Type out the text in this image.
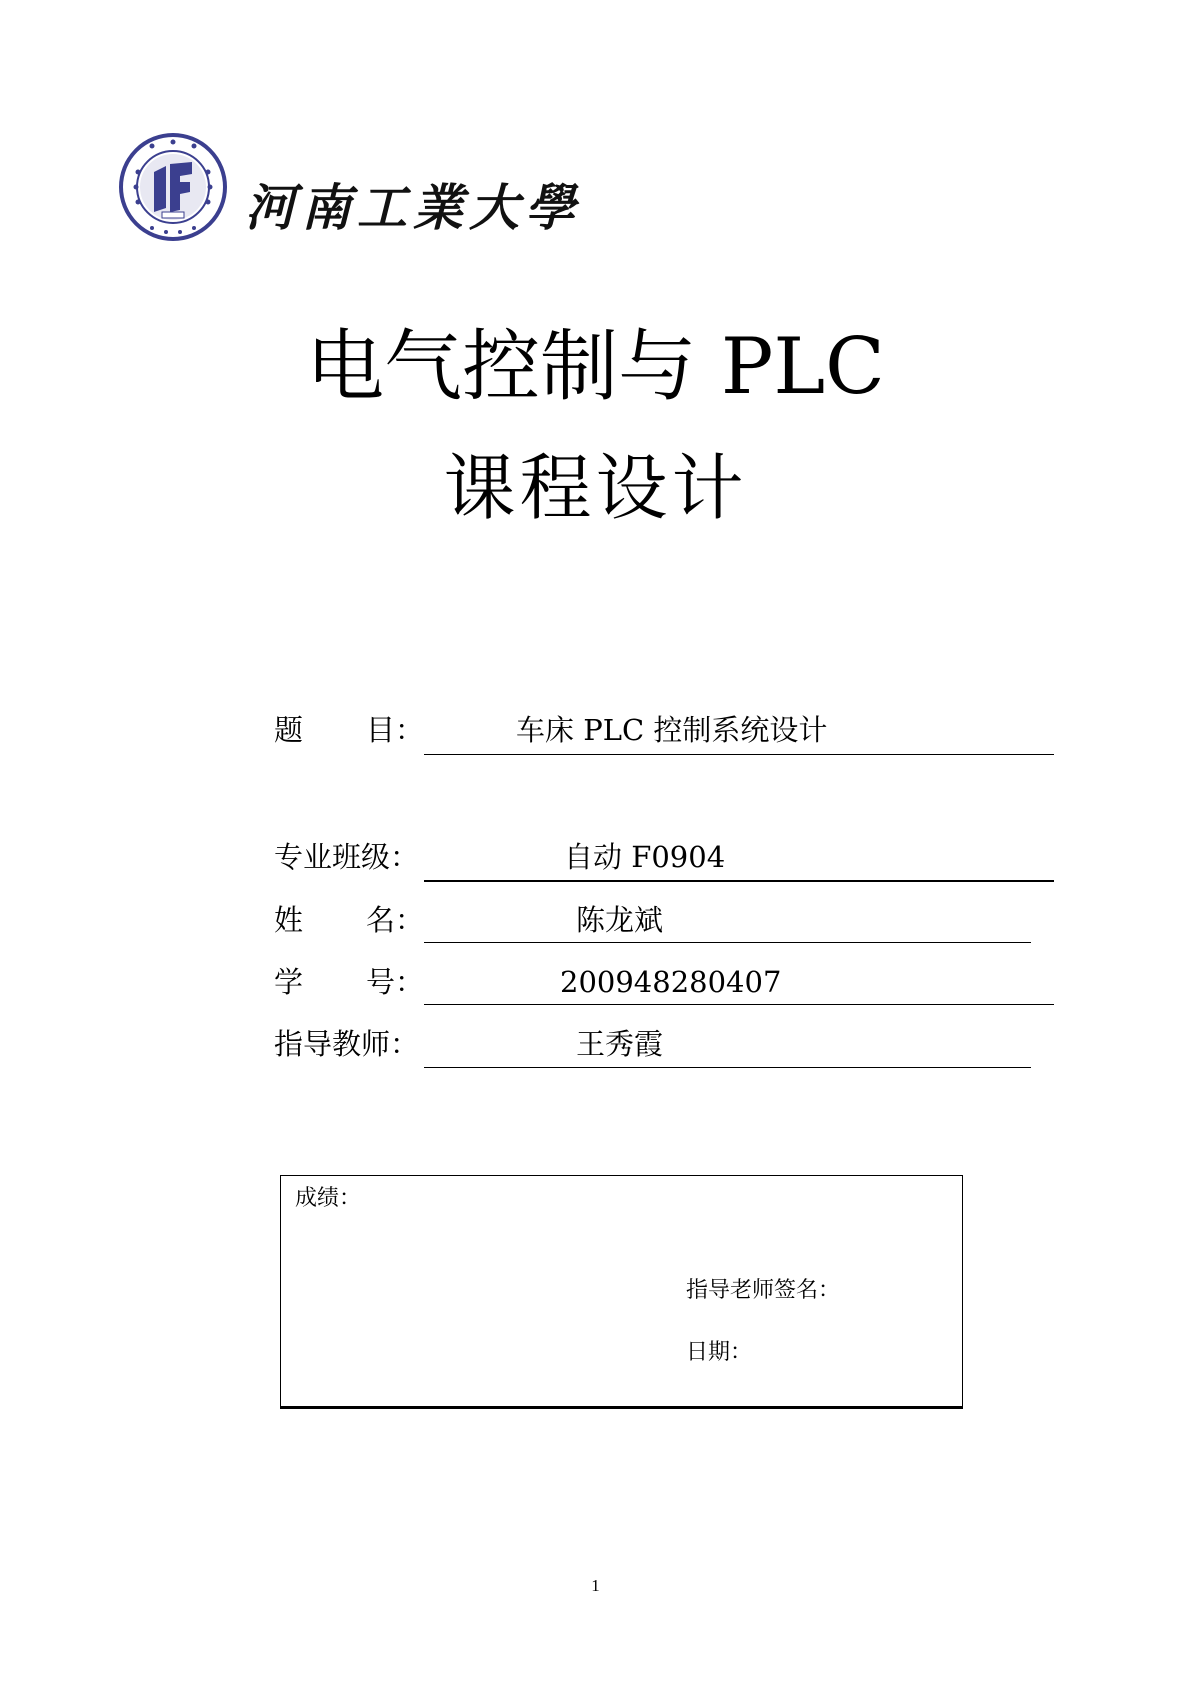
河南工業大學
电气控制与 PLC
课程设计
题 目：	车床 PLC 控制系统设计
专业班级：	自动 F0904
姓 名：	陈龙斌
学 号：	200948280407
指导教师：	王秀霞
成绩：
指导老师签名：
日期：
1
